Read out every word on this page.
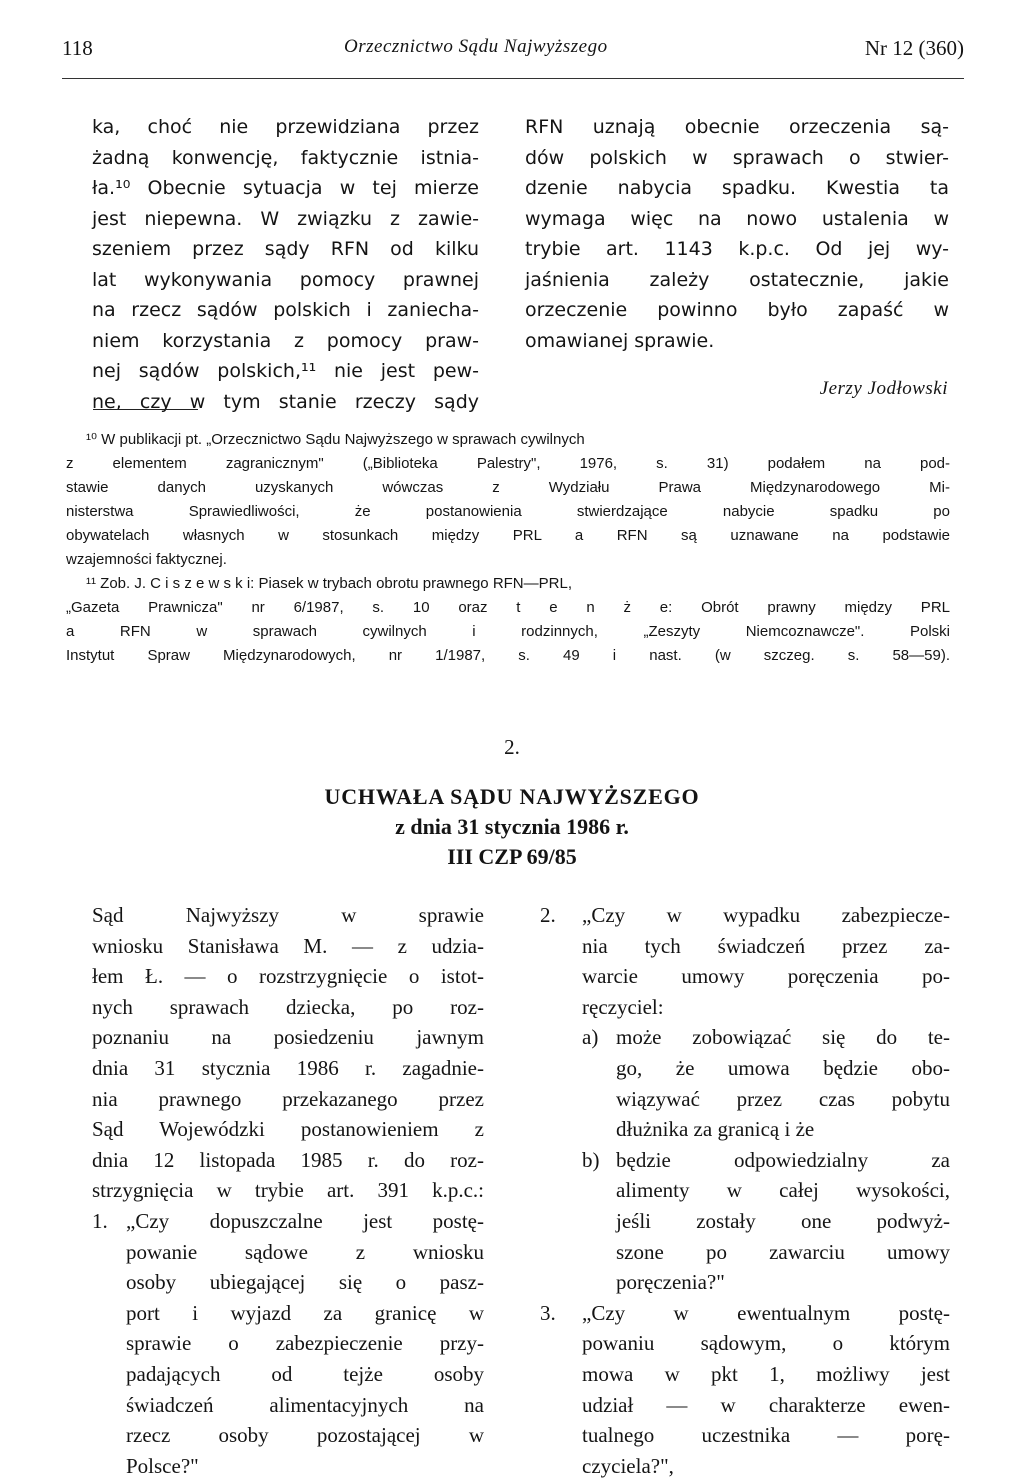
118	Orzecznictwo Sądu Najwyższego	Nr 12 (360)
ka, choć nie przewidziana przez
żadną konwencję, faktycznie istnia-
ła.¹⁰ Obecnie sytuacja w tej mierze
jest niepewna. W związku z zawie-
szeniem przez sądy RFN od kilku
lat wykonywania pomocy prawnej
na rzecz sądów polskich i zaniecha-
niem korzystania z pomocy praw-
nej sądów polskich,¹¹ nie jest pew-
ne, czy w tym stanie rzeczy sądy
RFN uznają obecnie orzeczenia są-
dów polskich w sprawach o stwier-
dzenie nabycia spadku. Kwestia ta
wymaga więc na nowo ustalenia w
trybie art. 1143 k.p.c. Od jej wy-
jaśnienia zależy ostatecznie, jakie
orzeczenie powinno było zapaść w
omawianej sprawie.
Jerzy Jodłowski
¹⁰ W publikacji pt. „Orzecznictwo Sądu Najwyższego w sprawach cywilnych
z elementem zagranicznym" („Biblioteka Palestry", 1976, s. 31) podałem na pod-
stawie danych uzyskanych wówczas z Wydziału Prawa Międzynarodowego Mi-
nisterstwa Sprawiedliwości, że postanowienia stwierdzające nabycie spadku po
obywatelach własnych w stosunkach między PRL a RFN są uznawane na podstawie
wzajemności faktycznej.
¹¹ Zob. J. C i s z e w s k i: Piasek w trybach obrotu prawnego RFN—PRL,
„Gazeta Prawnicza" nr 6/1987, s. 10 oraz t e n ż e: Obrót prawny między PRL
a RFN w sprawach cywilnych i rodzinnych, „Zeszyty Niemcoznawcze". Polski
Instytut Spraw Międzynarodowych, nr 1/1987, s. 49 i nast. (w szczeg. s. 58—59).
2.
UCHWAŁA SĄDU NAJWYŻSZEGO
z dnia 31 stycznia 1986 r.
III CZP 69/85
Sąd Najwyższy w sprawie
wniosku Stanisława M. — z udzia-
łem Ł. — o rozstrzygnięcie o istot-
nych sprawach dziecka, po roz-
poznaniu na posiedzeniu jawnym
dnia 31 stycznia 1986 r. zagadnie-
nia prawnego przekazanego przez
Sąd Wojewódzki postanowieniem z
dnia 12 listopada 1985 r. do roz-
strzygnięcia w trybie art. 391 k.p.c.:
1. „Czy dopuszczalne jest postę-
powanie sądowe z wniosku
osoby ubiegającej się o pasz-
port i wyjazd za granicę w
sprawie o zabezpieczenie przy-
padających od tejże osoby
świadczeń alimentacyjnych na
rzecz osoby pozostającej w
Polsce?"
2. „Czy w wypadku zabezpiecze-
nia tych świadczeń przez za-
warcie umowy poręczenia po-
ręczyciel:
a) może zobowiązać się do te-
go, że umowa będzie obo-
wiązywać przez czas pobytu
dłużnika za granicą i że
b) będzie odpowiedzialny za
alimenty w całej wysokości,
jeśli zostały one podwyż-
szone po zawarciu umowy
poręczenia?"
3. „Czy w ewentualnym postę-
powaniu sądowym, o którym
mowa w pkt 1, możliwy jest
udział — w charakterze ewen-
tualnego uczestnika — porę-
czyciela?",
